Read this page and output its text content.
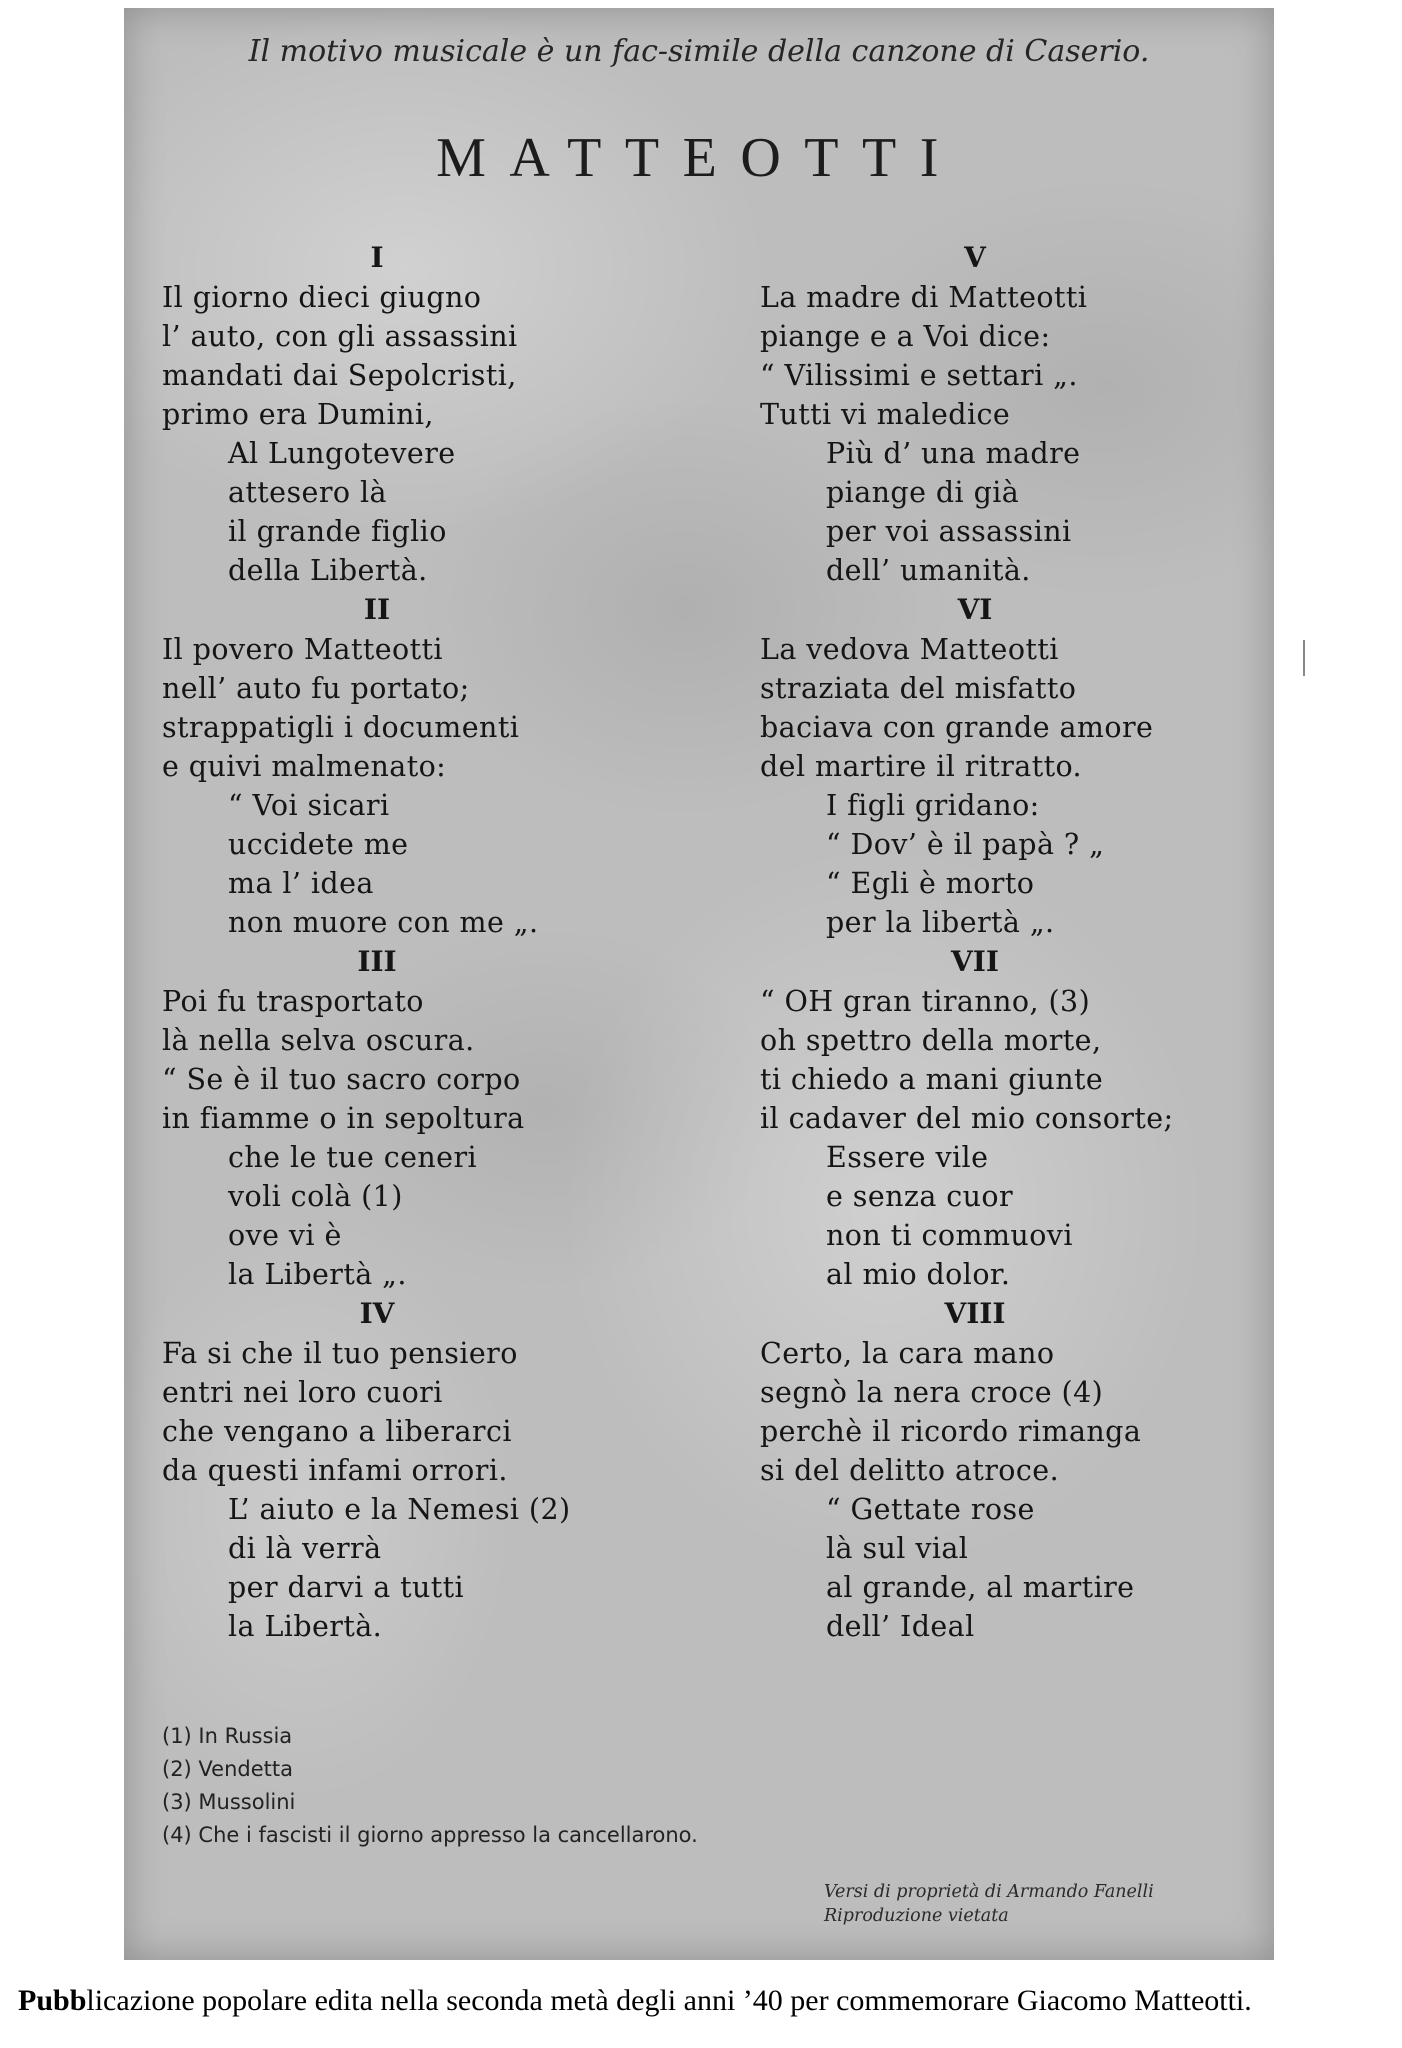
Il motivo musicale è un fac-simile della canzone di Caserio.
MATTEOTTI
I
Il giorno dieci giugno
l’ auto, con gli assassini
mandati dai Sepolcristi,
primo era Dumini,
Al Lungotevere
attesero là
il grande figlio
della Libertà.
II
Il povero Matteotti
nell’ auto fu portato;
strappatigli i documenti
e quivi malmenato:
“ Voi sicari
uccidete me
ma l’ idea
non muore con me „.
III
Poi fu trasportato
là nella selva oscura.
“ Se è il tuo sacro corpo
in fiamme o in sepoltura
che le tue ceneri
voli colà (1)
ove vi è
la Libertà „.
IV
Fa si che il tuo pensiero
entri nei loro cuori
che vengano a liberarci
da questi infami orrori.
L’ aiuto e la Nemesi (2)
di là verrà
per darvi a tutti
la Libertà.
V
La madre di Matteotti
piange e a Voi dice:
“ Vilissimi e settari „.
Tutti vi maledice
Più d’ una madre
piange di già
per voi assassini
dell’ umanità.
VI
La vedova Matteotti
straziata del misfatto
baciava con grande amore
del martire il ritratto.
I figli gridano:
“ Dov’ è il papà ? „
“ Egli è morto
per la libertà „.
VII
“ OH gran tiranno, (3)
oh spettro della morte,
ti chiedo a mani giunte
il cadaver del mio consorte;
Essere vile
e senza cuor
non ti commuovi
al mio dolor.
VIII
Certo, la cara mano
segnò la nera croce (4)
perchè il ricordo rimanga
si del delitto atroce.
“ Gettate rose
là sul vial
al grande, al martire
dell’ Ideal
(1) In Russia
(2) Vendetta
(3) Mussolini
(4) Che i fascisti il giorno appresso la cancellarono.
Versi di proprietà di Armando Fanelli
Riproduzione vietata
Pubblicazione popolare edita nella seconda metà degli anni ’40 per commemorare Giacomo Matteotti.
